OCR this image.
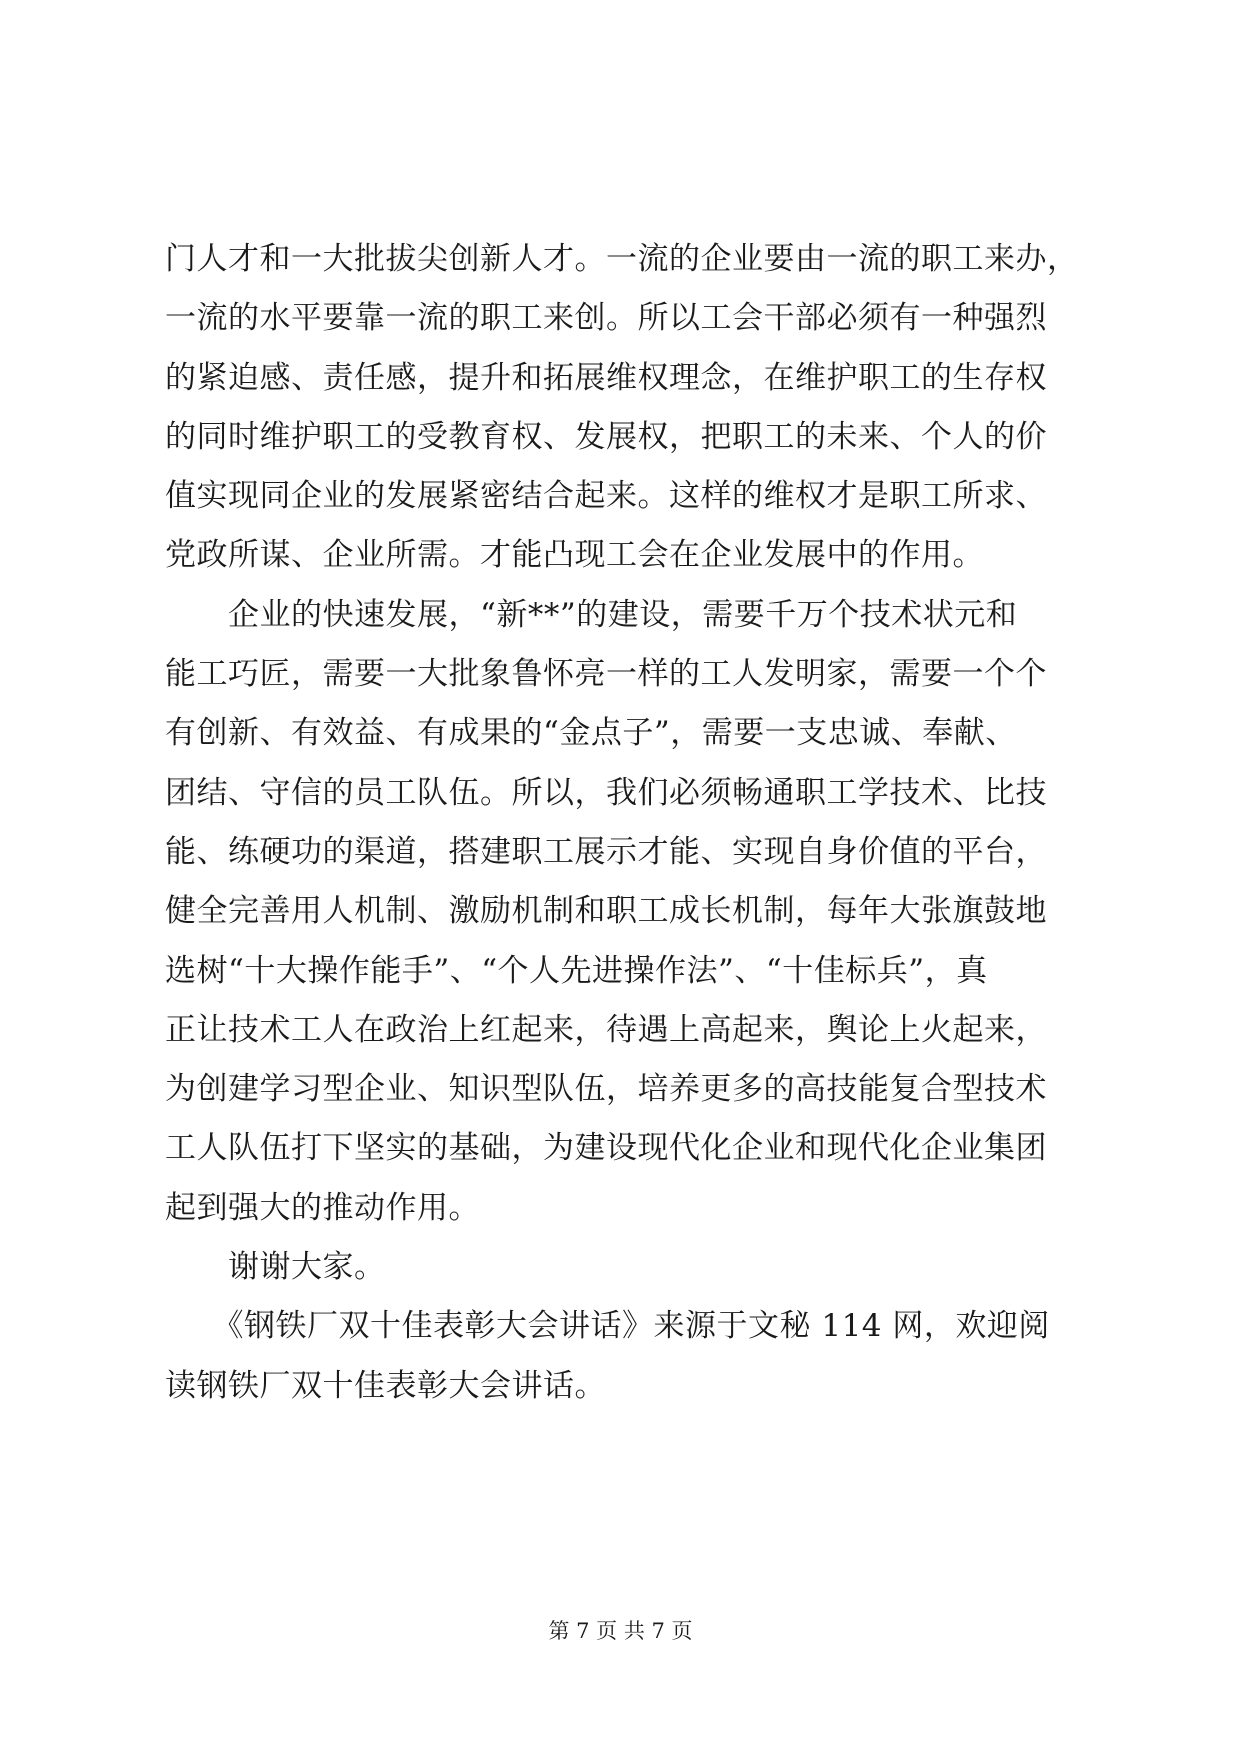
门人才和一大批拔尖创新人才。一流的企业要由一流的职工来办，
一流的水平要靠一流的职工来创。所以工会干部必须有一种强烈
的紧迫感、责任感，提升和拓展维权理念，在维护职工的生存权
的同时维护职工的受教育权、发展权，把职工的未来、个人的价
值实现同企业的发展紧密结合起来。这样的维权才是职工所求、
党政所谋、企业所需。才能凸现工会在企业发展中的作用。
　　企业的快速发展，“新**”的建设，需要千万个技术状元和
能工巧匠，需要一大批象鲁怀亮一样的工人发明家，需要一个个
有创新、有效益、有成果的“金点子”，需要一支忠诚、奉献、
团结、守信的员工队伍。所以，我们必须畅通职工学技术、比技
能、练硬功的渠道，搭建职工展示才能、实现自身价值的平台，
健全完善用人机制、激励机制和职工成长机制，每年大张旗鼓地
选树“十大操作能手”、“个人先进操作法”、“十佳标兵”，真
正让技术工人在政治上红起来，待遇上高起来，舆论上火起来，
为创建学习型企业、知识型队伍，培养更多的高技能复合型技术
工人队伍打下坚实的基础，为建设现代化企业和现代化企业集团
起到强大的推动作用。
　　谢谢大家。
　　《钢铁厂双十佳表彰大会讲话》来源于文秘 114 网，欢迎阅
读钢铁厂双十佳表彰大会讲话。
第 7 页 共 7 页
